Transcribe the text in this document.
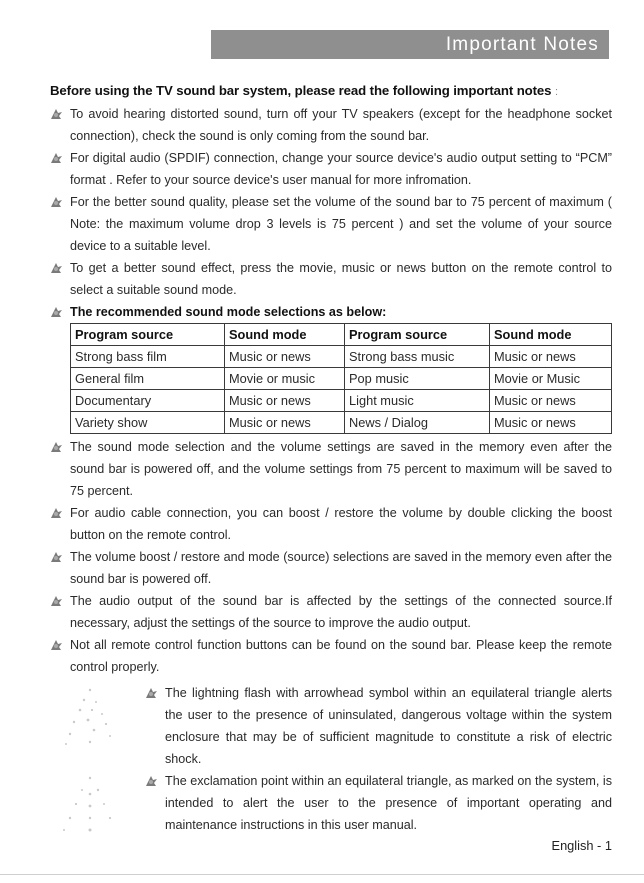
Important Notes
Before using the TV sound bar system, please read the following important notes :
To avoid hearing distorted sound, turn off your TV speakers (except for the headphone socket connection), check the sound is only coming from the sound bar.
For digital audio (SPDIF) connection, change your source device's audio output setting to “PCM” format . Refer to your source device's user manual for more infromation.
For the better sound quality, please set the volume of the sound bar to 75 percent of maximum ( Note: the maximum volume drop 3 levels is 75 percent ) and set the volume of your source device to a suitable level.
To get a better sound effect, press the movie, music or news button on the remote control to select a suitable sound mode.
The recommended sound mode selections as below:
Program source	Sound mode	Program source	Sound mode
Strong bass film	Music or news	Strong bass music	Music or news
General film	Movie or music	Pop music	Movie or Music
Documentary	Music or news	Light music	Music or news
Variety show	Music or news	News / Dialog	Music or news
The sound mode selection and the volume settings are saved in the memory even after the sound bar is powered off, and the volume settings from 75 percent to maximum will be saved to 75 percent.
For audio cable connection, you can boost / restore the volume by double clicking the boost button on the remote control.
The volume boost / restore and mode (source) selections are saved in the memory even after the sound bar is powered off.
The audio output of the sound bar is affected by the settings of the connected source.If necessary, adjust the settings of the source to improve the audio output.
Not all remote control function buttons can be found on the sound bar. Please keep the remote control properly.
The lightning flash with arrowhead symbol within an equilateral triangle alerts the user to the presence of uninsulated, dangerous voltage within the system enclosure that may be of sufficient magnitude to constitute a risk of electric shock.
The exclamation point within an equilateral triangle, as marked on the system, is intended to alert the user to the presence of important operating and maintenance instructions in this user manual.
English - 1
